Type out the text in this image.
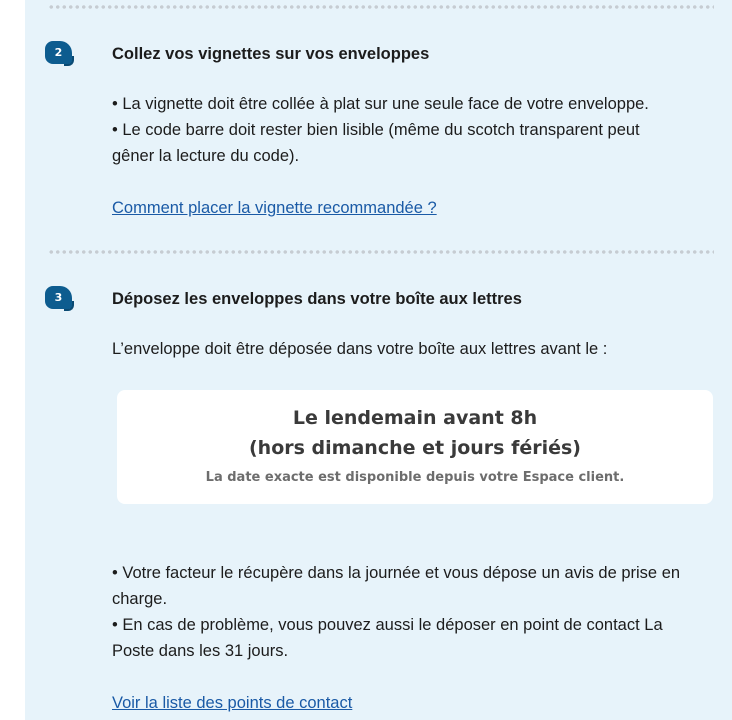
2	Collez vos vignettes sur vos enveloppes

• La vignette doit être collée à plat sur une seule face de votre enveloppe.
• Le code barre doit rester bien lisible (même du scotch transparent peut
gêner la lecture du code).

Comment placer la vignette recommandée ?
3	Déposez les enveloppes dans votre boîte aux lettres

L’enveloppe doit être déposée dans votre boîte aux lettres avant le :

Le lendemain avant 8h
(hors dimanche et jours fériés)
La date exacte est disponible depuis votre Espace client.

• Votre facteur le récupère dans la journée et vous dépose un avis de prise en
charge.
• En cas de problème, vous pouvez aussi le déposer en point de contact La
Poste dans les 31 jours.

Voir la liste des points de contact
